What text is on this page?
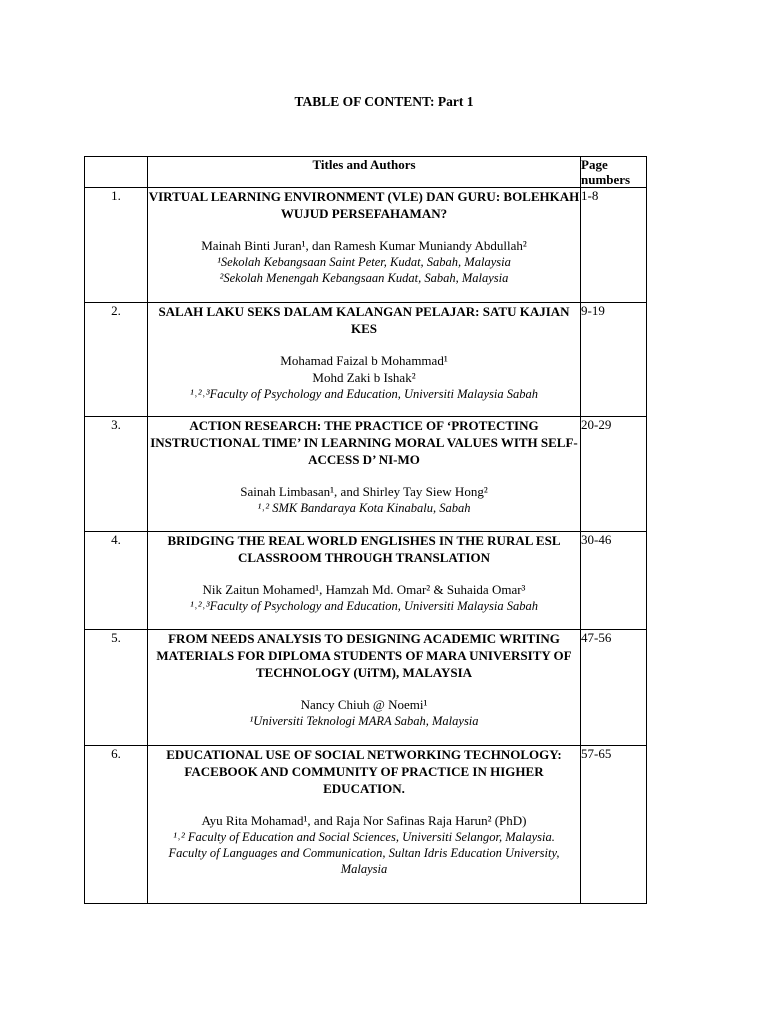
TABLE OF CONTENT: Part 1
	Titles and Authors	Page numbers
1.	VIRTUAL LEARNING ENVIRONMENT (VLE) DAN GURU: BOLEHKAH WUJUD PERSEFAHAMAN?
Mainah Binti Juran¹, dan Ramesh Kumar Muniandy Abdullah²
¹Sekolah Kebangsaan Saint Peter, Kudat, Sabah, Malaysia
²Sekolah Menengah Kebangsaan Kudat, Sabah, Malaysia	1-8
2.	SALAH LAKU SEKS DALAM KALANGAN PELAJAR: SATU KAJIAN KES
Mohamad Faizal b Mohammad¹
Mohd Zaki b Ishak²
¹˒²˒³Faculty of Psychology and Education, Universiti Malaysia Sabah	9-19
3.	ACTION RESEARCH: THE PRACTICE OF ‘PROTECTING INSTRUCTIONAL TIME’ IN LEARNING MORAL VALUES WITH SELF-ACCESS D’ NI-MO
Sainah Limbasan¹, and Shirley Tay Siew Hong²
¹˒² SMK Bandaraya Kota Kinabalu, Sabah	20-29
4.	BRIDGING THE REAL WORLD ENGLISHES IN THE RURAL ESL CLASSROOM THROUGH TRANSLATION
Nik Zaitun Mohamed¹, Hamzah Md. Omar² & Suhaida Omar³
¹˒²˒³Faculty of Psychology and Education, Universiti Malaysia Sabah	30-46
5.	FROM NEEDS ANALYSIS TO DESIGNING ACADEMIC WRITING MATERIALS FOR DIPLOMA STUDENTS OF MARA UNIVERSITY OF TECHNOLOGY (UiTM), MALAYSIA
Nancy Chiuh @ Noemi¹
¹Universiti Teknologi MARA Sabah, Malaysia	47-56
6.	EDUCATIONAL USE OF SOCIAL NETWORKING TECHNOLOGY: FACEBOOK AND COMMUNITY OF PRACTICE IN HIGHER EDUCATION.
Ayu Rita Mohamad¹, and Raja Nor Safinas Raja Harun² (PhD)
¹˒² Faculty of Education and Social Sciences, Universiti Selangor, Malaysia.
Faculty of Languages and Communication, Sultan Idris Education University, Malaysia	57-65
